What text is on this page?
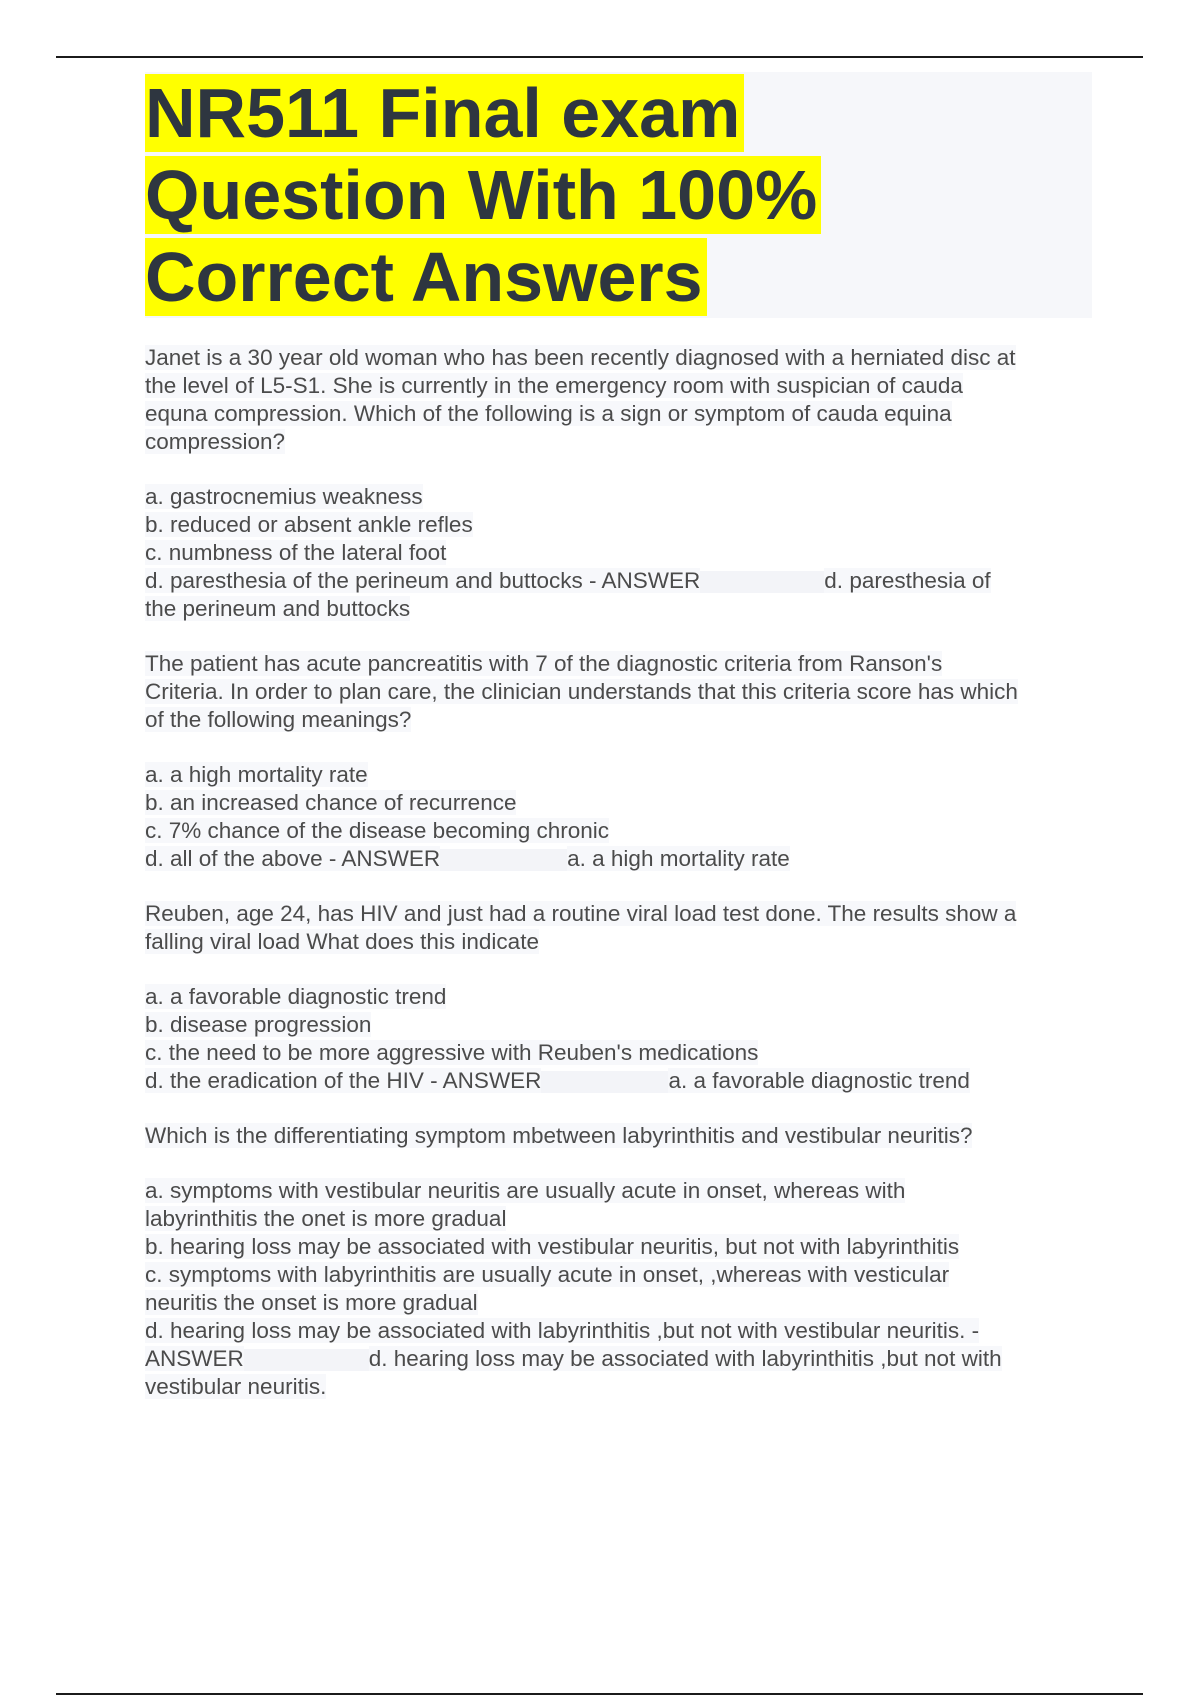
NR511 Final exam
Question With 100%
Correct Answers

Janet is a 30 year old woman who has been recently diagnosed with a herniated disc at
the level of L5-S1. She is currently in the emergency room with suspician of cauda
equna compression. Which of the following is a sign or symptom of cauda equina
compression?

a. gastrocnemius weakness
b. reduced or absent ankle refles
c. numbness of the lateral foot
d. paresthesia of the perineum and buttocks - ANSWER	d. paresthesia of
the perineum and buttocks

The patient has acute pancreatitis with 7 of the diagnostic criteria from Ranson's
Criteria. In order to plan care, the clinician understands that this criteria score has which
of the following meanings?

a. a high mortality rate
b. an increased chance of recurrence
c. 7% chance of the disease becoming chronic
d. all of the above - ANSWER	a. a high mortality rate

Reuben, age 24, has HIV and just had a routine viral load test done. The results show a
falling viral load What does this indicate

a. a favorable diagnostic trend
b. disease progression
c. the need to be more aggressive with Reuben's medications
d. the eradication of the HIV - ANSWER	a. a favorable diagnostic trend

Which is the differentiating symptom mbetween labyrinthitis and vestibular neuritis?

a. symptoms with vestibular neuritis are usually acute in onset, whereas with
labyrinthitis the onet is more gradual
b. hearing loss may be associated with vestibular neuritis, but not with labyrinthitis
c. symptoms with labyrinthitis are usually acute in onset, ,whereas with vesticular
neuritis the onset is more gradual
d. hearing loss may be associated with labyrinthitis ,but not with vestibular neuritis. -
ANSWER	d. hearing loss may be associated with labyrinthitis ,but not with
vestibular neuritis.
